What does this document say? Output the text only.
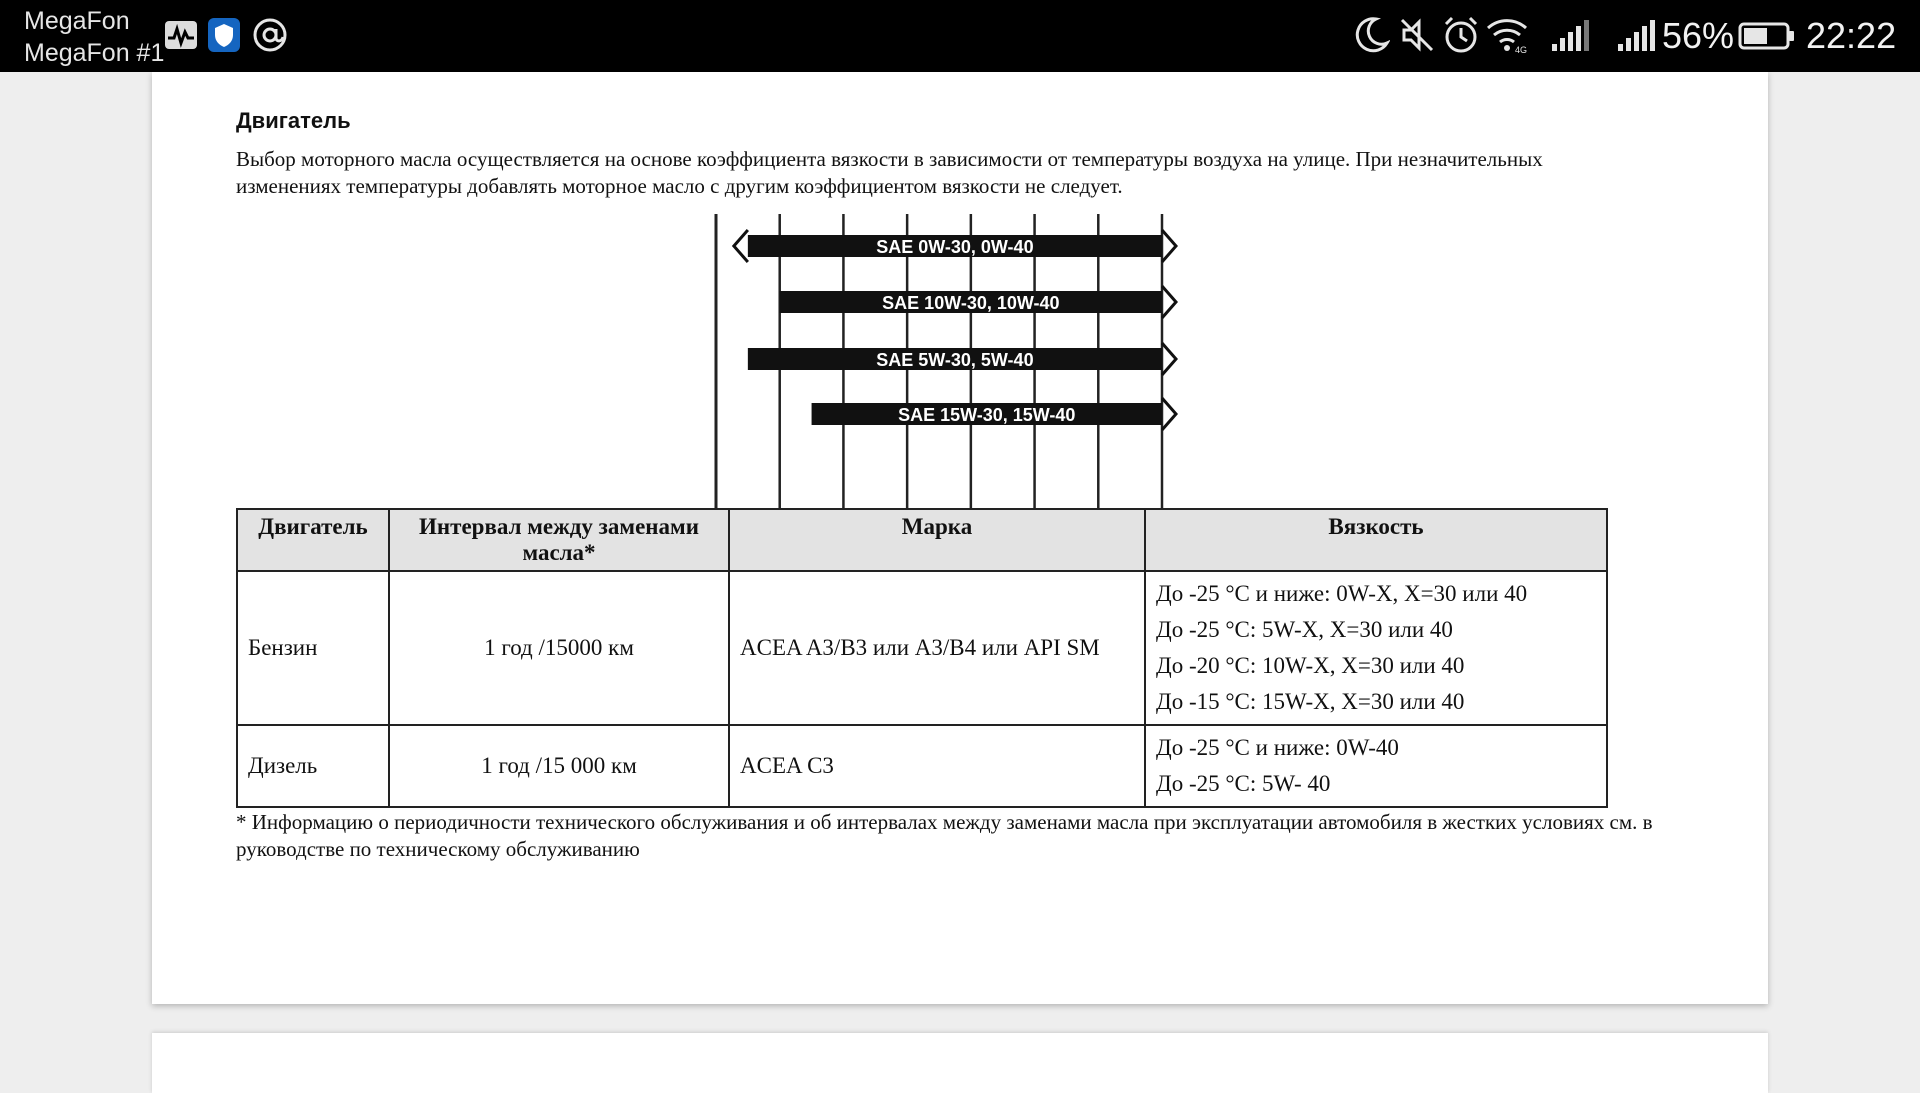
MegaFon
MegaFon #1	4G	56% 22:22
Двигатель
Выбор моторного масла осуществляется на основе коэффициента вязкости в зависимости от температуры воздуха на улице. При незначительных изменениях температуры добавлять моторное масло с другим коэффициентом вязкости не следует.
SAE 0W-30, 0W-40
SAE 10W-30, 10W-40
SAE 5W-30, 5W-40
SAE 15W-30, 15W-40
Двигатель	Интервал между заменами масла*	Марка	Вязкость
Бензин	1 год /15000 км	ACEA A3/B3 или A3/B4 или API SM	До -25 °C и ниже: 0W-X, X=30 или 40
До -25 °C: 5W-X, X=30 или 40
До -20 °C: 10W-X, X=30 или 40
До -15 °C: 15W-X, X=30 или 40

Дизель	1 год /15 000 км	ACEA C3	До -25 °C и ниже: 0W-40
До -25 °C: 5W- 40
* Информацию о периодичности технического обслуживания и об интервалах между заменами масла при эксплуатации автомобиля в жестких условиях см. в руководстве по техническому обслуживанию
